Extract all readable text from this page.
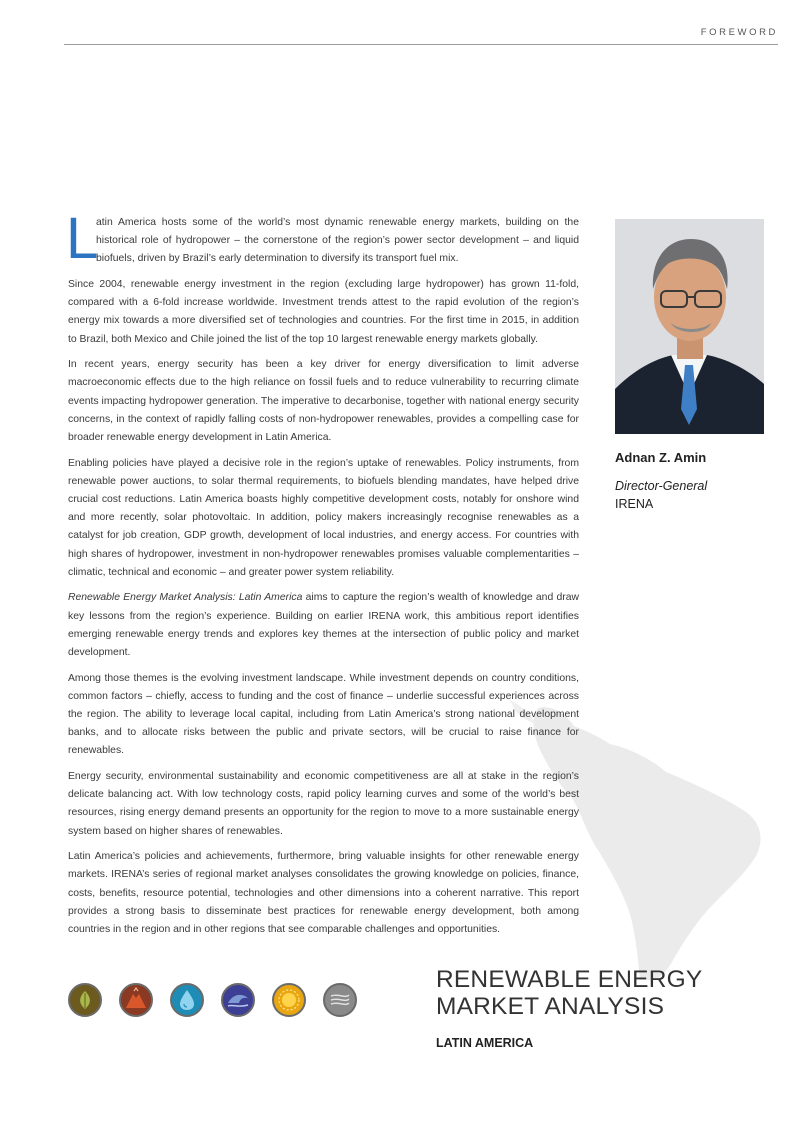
FOREWORD
L

atin America hosts some of the world’s most dynamic renewable energy markets, building on the historical role of hydropower – the cornerstone of the region’s power sector development – and liquid biofuels, driven by Brazil’s early determination to diversify its transport fuel mix.

Since 2004, renewable energy investment in the region (excluding large hydropower) has grown 11-fold, compared with a 6-fold increase worldwide. Investment trends attest to the rapid evolution of the region’s energy mix towards a more diversified set of technologies and countries. For the first time in 2015, in addition to Brazil, both Mexico and Chile joined the list of the top 10 largest renewable energy markets globally.

In recent years, energy security has been a key driver for energy diversification to limit adverse macroeconomic effects due to the high reliance on fossil fuels and to reduce vulnerability to recurring climate events impacting hydropower generation. The imperative to decarbonise, together with national energy security concerns, in the context of rapidly falling costs of non-hydropower renewables, provides a compelling case for broader renewable energy development in Latin America.

Enabling policies have played a decisive role in the region’s uptake of renewables. Policy instruments, from renewable power auctions, to solar thermal requirements, to biofuels blending mandates, have helped drive crucial cost reductions. Latin America boasts highly competitive development costs, notably for onshore wind and more recently, solar photovoltaic. In addition, policy makers increasingly recognise renewables as a catalyst for job creation, GDP growth, development of local industries, and energy access. For countries with high shares of hydropower, investment in non-hydropower renewables promises valuable complementarities – climatic, technical and economic – and greater power system reliability.

Renewable Energy Market Analysis: Latin America aims to capture the region’s wealth of knowledge and draw key lessons from the region’s experience. Building on earlier IRENA work, this ambitious report identifies emerging renewable energy trends and explores key themes at the intersection of public policy and market development.

Among those themes is the evolving investment landscape. While investment depends on country conditions, common factors – chiefly, access to funding and the cost of finance – underlie successful experiences across the region. The ability to leverage local capital, including from Latin America’s strong national development banks, and to allocate risks between the public and private sectors, will be crucial to raise finance for renewables.

Energy security, environmental sustainability and economic competitiveness are all at stake in the region’s delicate balancing act. With low technology costs, rapid policy learning curves and some of the world’s best resources, rising energy demand presents an opportunity for the region to move to a more sustainable energy system based on higher shares of renewables.

Latin America’s policies and achievements, furthermore, bring valuable insights for other renewable energy markets. IRENA’s series of regional market analyses consolidates the growing knowledge on policies, finance, costs, benefits, resource potential, technologies and other dimensions into a coherent narrative. This report provides a strong basis to disseminate best practices for renewable energy development, both among countries in the region and in other regions that see comparable challenges and opportunities.

Adnan Z. Amin
Director-General
IRENA
RENEWABLE ENERGY
MARKET ANALYSIS
LATIN AMERICA
